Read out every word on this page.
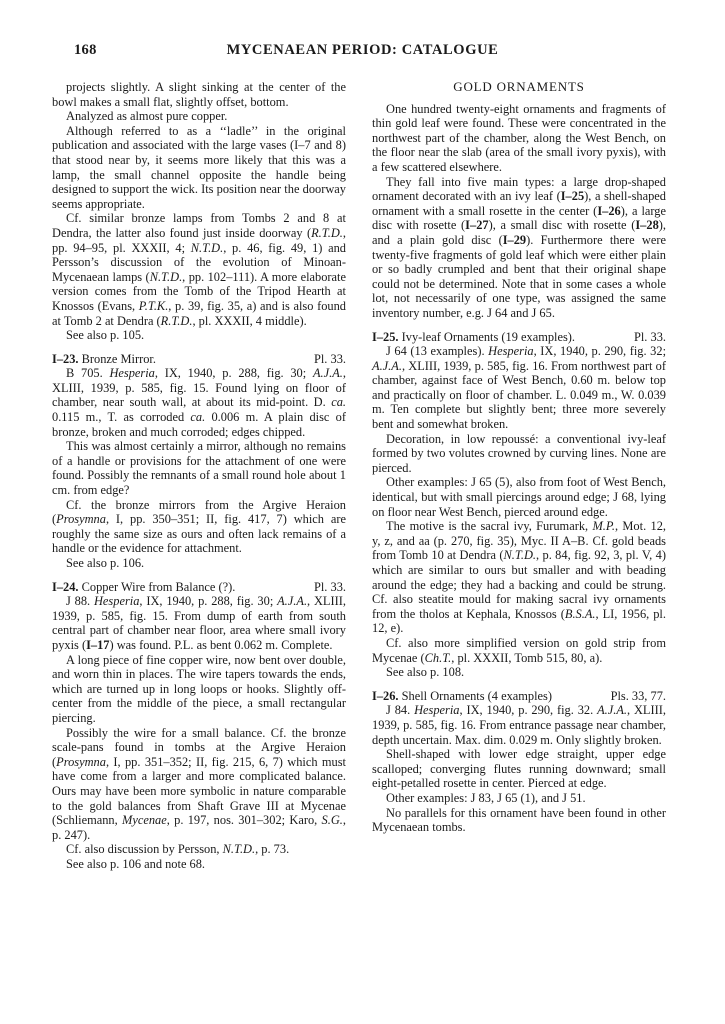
168	MYCENAEAN PERIOD: CATALOGUE

projects slightly. A slight sinking at the center of the bowl makes a small flat, slightly offset, bottom.

Analyzed as almost pure copper.

Although referred to as a ‘‘ladle’’ in the original publication and associated with the large vases (I–7 and 8) that stood near by, it seems more likely that this was a lamp, the small channel opposite the handle being designed to support the wick. Its position near the doorway seems appropriate.

Cf. similar bronze lamps from Tombs 2 and 8 at Dendra, the latter also found just inside doorway (R.T.D., pp. 94–95, pl. XXXII, 4; N.T.D., p. 46, fig. 49, 1) and Persson’s discussion of the evolution of Minoan-Mycenaean lamps (N.T.D., pp. 102–111). A more elaborate version comes from the Tomb of the Tripod Hearth at Knossos (Evans, P.T.K., p. 39, fig. 35, a) and is also found at Tomb 2 at Dendra (R.T.D., pl. XXXII, 4 middle).

See also p. 105.

Pl. 33.
I–23. Bronze Mirror.

B 705. Hesperia, IX, 1940, p. 288, fig. 30; A.J.A., XLIII, 1939, p. 585, fig. 15. Found lying on floor of chamber, near south wall, at about its mid-point. D. ca. 0.115 m., T. as corroded ca. 0.006 m. A plain disc of bronze, broken and much corroded; edges chipped.

This was almost certainly a mirror, although no remains of a handle or provisions for the attachment of one were found. Possibly the remnants of a small round hole about 1 cm. from edge?

Cf. the bronze mirrors from the Argive Heraion (Prosymna, I, pp. 350–351; II, fig. 417, 7) which are roughly the same size as ours and often lack remains of a handle or the evidence for attachment.

See also p. 106.

Pl. 33.
I–24. Copper Wire from Balance (?).

J 88. Hesperia, IX, 1940, p. 288, fig. 30; A.J.A., XLIII, 1939, p. 585, fig. 15. From dump of earth from south central part of chamber near floor, area where small ivory pyxis (I–17) was found. P.L. as bent 0.062 m. Complete.

A long piece of fine copper wire, now bent over double, and worn thin in places. The wire tapers towards the ends, which are turned up in long loops or hooks. Slightly off-center from the middle of the piece, a small rectangular piercing.

Possibly the wire for a small balance. Cf. the bronze scale-pans found in tombs at the Argive Heraion (Prosymna, I, pp. 351–352; II, fig. 215, 6, 7) which must have come from a larger and more complicated balance. Ours may have been more symbolic in nature comparable to the gold balances from Shaft Grave III at Mycenae (Schliemann, Mycenae, p. 197, nos. 301–302; Karo, S.G., p. 247).

Cf. also discussion by Persson, N.T.D., p. 73.

See also p. 106 and note 68.

GOLD ORNAMENTS

One hundred twenty-eight ornaments and fragments of thin gold leaf were found. These were concentrated in the northwest part of the chamber, along the West Bench, on the floor near the slab (area of the small ivory pyxis), with a few scattered elsewhere.

They fall into five main types: a large drop-shaped ornament decorated with an ivy leaf (I–25), a shell-shaped ornament with a small rosette in the center (I–26), a large disc with rosette (I–27), a small disc with rosette (I–28), and a plain gold disc (I–29). Furthermore there were twenty-five fragments of gold leaf which were either plain or so badly crumpled and bent that their original shape could not be determined. Note that in some cases a whole lot, not necessarily of one type, was assigned the same inventory number, e.g. J 64 and J 65.

Pl. 33.
I–25. Ivy-leaf Ornaments (19 examples).

J 64 (13 examples). Hesperia, IX, 1940, p. 290, fig. 32; A.J.A., XLIII, 1939, p. 585, fig. 16. From northwest part of chamber, against face of West Bench, 0.60 m. below top and practically on floor of chamber. L. 0.049 m., W. 0.039 m. Ten complete but slightly bent; three more severely bent and somewhat broken.

Decoration, in low repoussé: a conventional ivy-leaf formed by two volutes crowned by curving lines. None are pierced.

Other examples: J 65 (5), also from foot of West Bench, identical, but with small piercings around edge; J 68, lying on floor near West Bench, pierced around edge.

The motive is the sacral ivy, Furumark, M.P., Mot. 12, y, z, and aa (p. 270, fig. 35), Myc. II A–B. Cf. gold beads from Tomb 10 at Dendra (N.T.D., p. 84, fig. 92, 3, pl. V, 4) which are similar to ours but smaller and with beading around the edge; they had a backing and could be strung. Cf. also steatite mould for making sacral ivy ornaments from the tholos at Kephala, Knossos (B.S.A., LI, 1956, pl. 12, e).

Cf. also more simplified version on gold strip from Mycenae (Ch.T., pl. XXXII, Tomb 515, 80, a).

See also p. 108.

Pls. 33, 77.
I–26. Shell Ornaments (4 examples)

J 84. Hesperia, IX, 1940, p. 290, fig. 32. A.J.A., XLIII, 1939, p. 585, fig. 16. From entrance passage near chamber, depth uncertain. Max. dim. 0.029 m. Only slightly broken.

Shell-shaped with lower edge straight, upper edge scalloped; converging flutes running downward; small eight-petalled rosette in center. Pierced at edge.

Other examples: J 83, J 65 (1), and J 51.

No parallels for this ornament have been found in other Mycenaean tombs.
